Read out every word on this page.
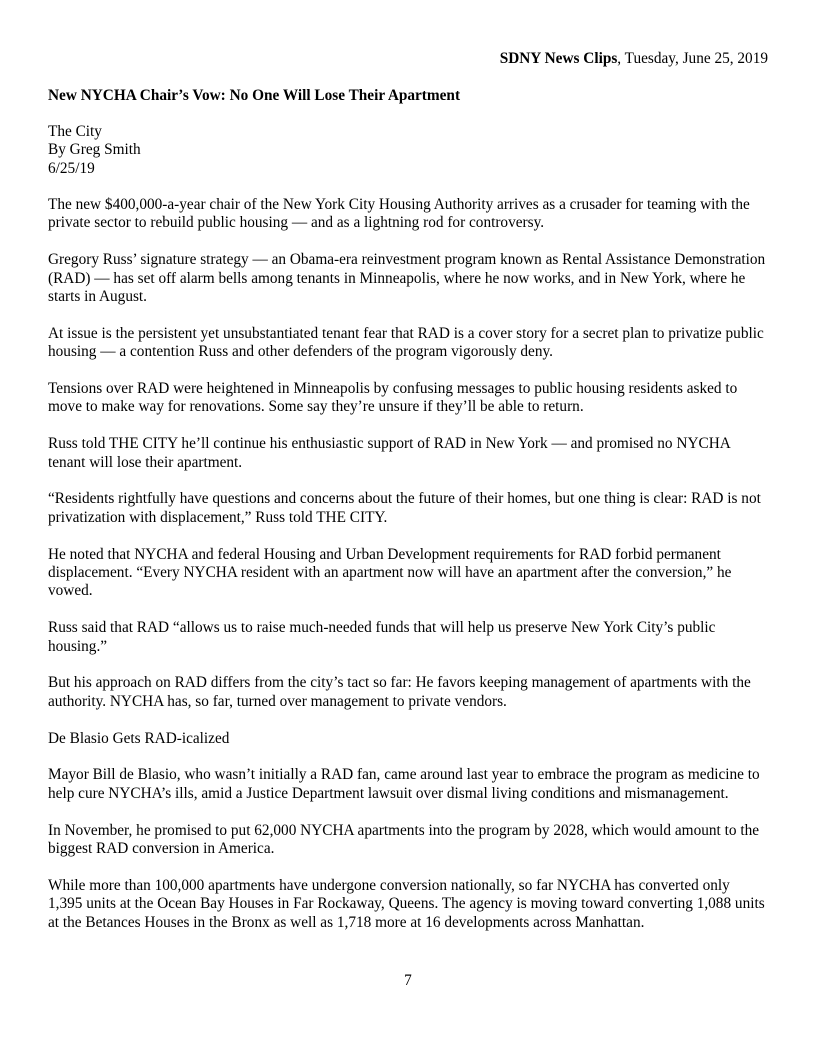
SDNY News Clips, Tuesday, June 25, 2019
New NYCHA Chair’s Vow: No One Will Lose Their Apartment
The City
By Greg Smith
6/25/19

The new $400,000-a-year chair of the New York City Housing Authority arrives as a crusader for teaming with the private sector to rebuild public housing — and as a lightning rod for controversy.

Gregory Russ’ signature strategy — an Obama-era reinvestment program known as Rental Assistance Demonstration (RAD) — has set off alarm bells among tenants in Minneapolis, where he now works, and in New York, where he starts in August.

At issue is the persistent yet unsubstantiated tenant fear that RAD is a cover story for a secret plan to privatize public housing — a contention Russ and other defenders of the program vigorously deny.

Tensions over RAD were heightened in Minneapolis by confusing messages to public housing residents asked to move to make way for renovations. Some say they’re unsure if they’ll be able to return.

Russ told THE CITY he’ll continue his enthusiastic support of RAD in New York — and promised no NYCHA tenant will lose their apartment.

“Residents rightfully have questions and concerns about the future of their homes, but one thing is clear: RAD is not privatization with displacement,” Russ told THE CITY.

He noted that NYCHA and federal Housing and Urban Development requirements for RAD forbid permanent displacement. “Every NYCHA resident with an apartment now will have an apartment after the conversion,” he vowed.

Russ said that RAD “allows us to raise much-needed funds that will help us preserve New York City’s public housing.”

But his approach on RAD differs from the city’s tact so far: He favors keeping management of apartments with the authority. NYCHA has, so far, turned over management to private vendors.

De Blasio Gets RAD-icalized

Mayor Bill de Blasio, who wasn’t initially a RAD fan, came around last year to embrace the program as medicine to help cure NYCHA’s ills, amid a Justice Department lawsuit over dismal living conditions and mismanagement.

In November, he promised to put 62,000 NYCHA apartments into the program by 2028, which would amount to the biggest RAD conversion in America.

While more than 100,000 apartments have undergone conversion nationally, so far NYCHA has converted only 1,395 units at the Ocean Bay Houses in Far Rockaway, Queens. The agency is moving toward converting 1,088 units at the Betances Houses in the Bronx as well as 1,718 more at 16 developments across Manhattan.

7
